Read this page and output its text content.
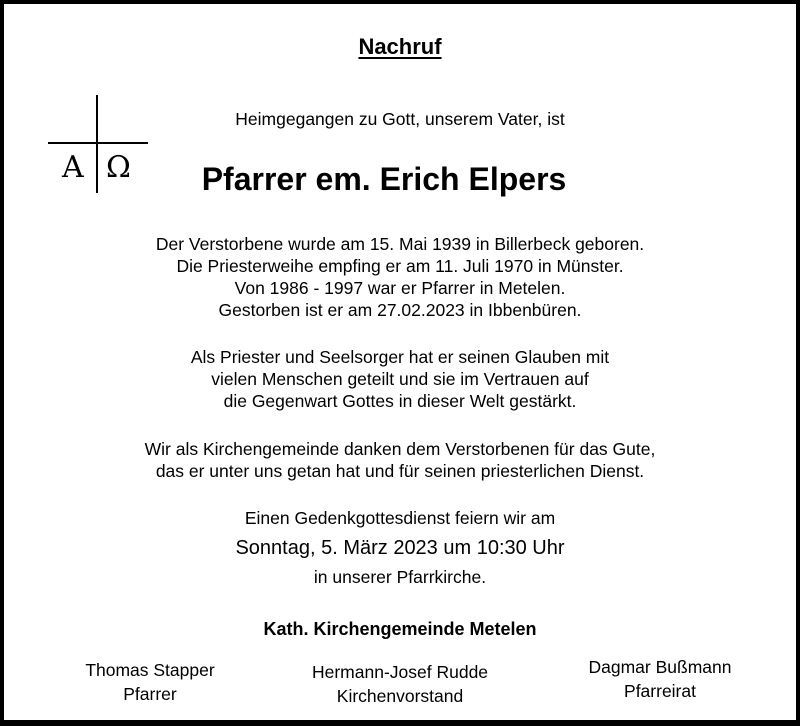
Nachruf
A Ω
Heimgegangen zu Gott, unserem Vater, ist
Pfarrer em. Erich Elpers
Der Verstorbene wurde am 15. Mai 1939 in Billerbeck geboren.
Die Priesterweihe empfing er am 11. Juli 1970 in Münster.
Von 1986 - 1997 war er Pfarrer in Metelen.
Gestorben ist er am 27.02.2023 in Ibbenbüren.
Als Priester und Seelsorger hat er seinen Glauben mit
vielen Menschen geteilt und sie im Vertrauen auf
die Gegenwart Gottes in dieser Welt gestärkt.
Wir als Kirchengemeinde danken dem Verstorbenen für das Gute,
das er unter uns getan hat und für seinen priesterlichen Dienst.
Einen Gedenkgottesdienst feiern wir am
Sonntag, 5. März 2023 um 10:30 Uhr
in unserer Pfarrkirche.
Kath. Kirchengemeinde Metelen
Thomas Stapper
Pfarrer
Hermann-Josef Rudde
Kirchenvorstand
Dagmar Bußmann
Pfarreirat
